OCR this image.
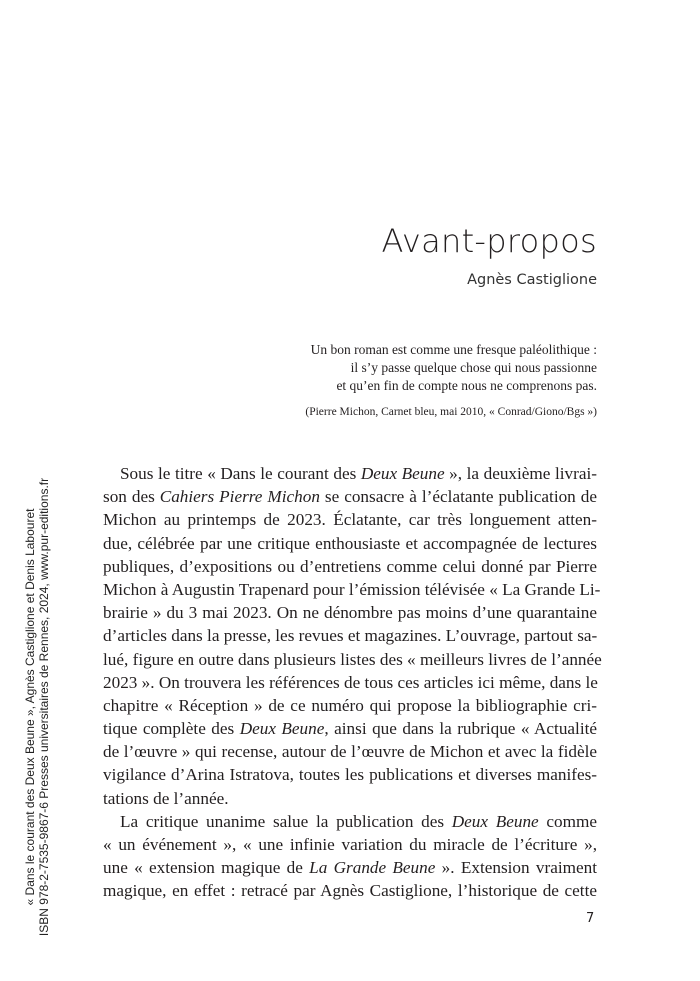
Avant-propos
Agnès Castiglione
Un bon roman est comme une fresque paléolithique :
il s’y passe quelque chose qui nous passionne
et qu’en fin de compte nous ne comprenons pas.
(Pierre Michon, Carnet bleu, mai 2010, « Conrad/Giono/Bgs »)
Sous le titre « Dans le courant des Deux Beune », la deuxième livrai-
son des Cahiers Pierre Michon se consacre à l’éclatante publication de
Michon au printemps de 2023. Éclatante, car très longuement atten-
due, célébrée par une critique enthousiaste et accompagnée de lectures
publiques, d’expositions ou d’entretiens comme celui donné par Pierre
Michon à Augustin Trapenard pour l’émission télévisée « La Grande Li-
brairie » du 3 mai 2023. On ne dénombre pas moins d’une quarantaine
d’articles dans la presse, les revues et magazines. L’ouvrage, partout sa-
lué, figure en outre dans plusieurs listes des « meilleurs livres de l’année
2023 ». On trouvera les références de tous ces articles ici même, dans le
chapitre « Réception » de ce numéro qui propose la bibliographie cri-
tique complète des Deux Beune, ainsi que dans la rubrique « Actualité
de l’œuvre » qui recense, autour de l’œuvre de Michon et avec la fidèle
vigilance d’Arina Istratova, toutes les publications et diverses manifes-
tations de l’année.
La critique unanime salue la publication des Deux Beune comme
« un événement », « une infinie variation du miracle de l’écriture »,
une « extension magique de La Grande Beune ». Extension vraiment
magique, en effet : retracé par Agnès Castiglione, l’historique de cette
7
« Dans le courant des Deux Beune », Agnès Castiglione et Denis Labouret ISBN 978-2-7535-9867-6 Presses universitaires de Rennes, 2024, www.pur-editions.fr
